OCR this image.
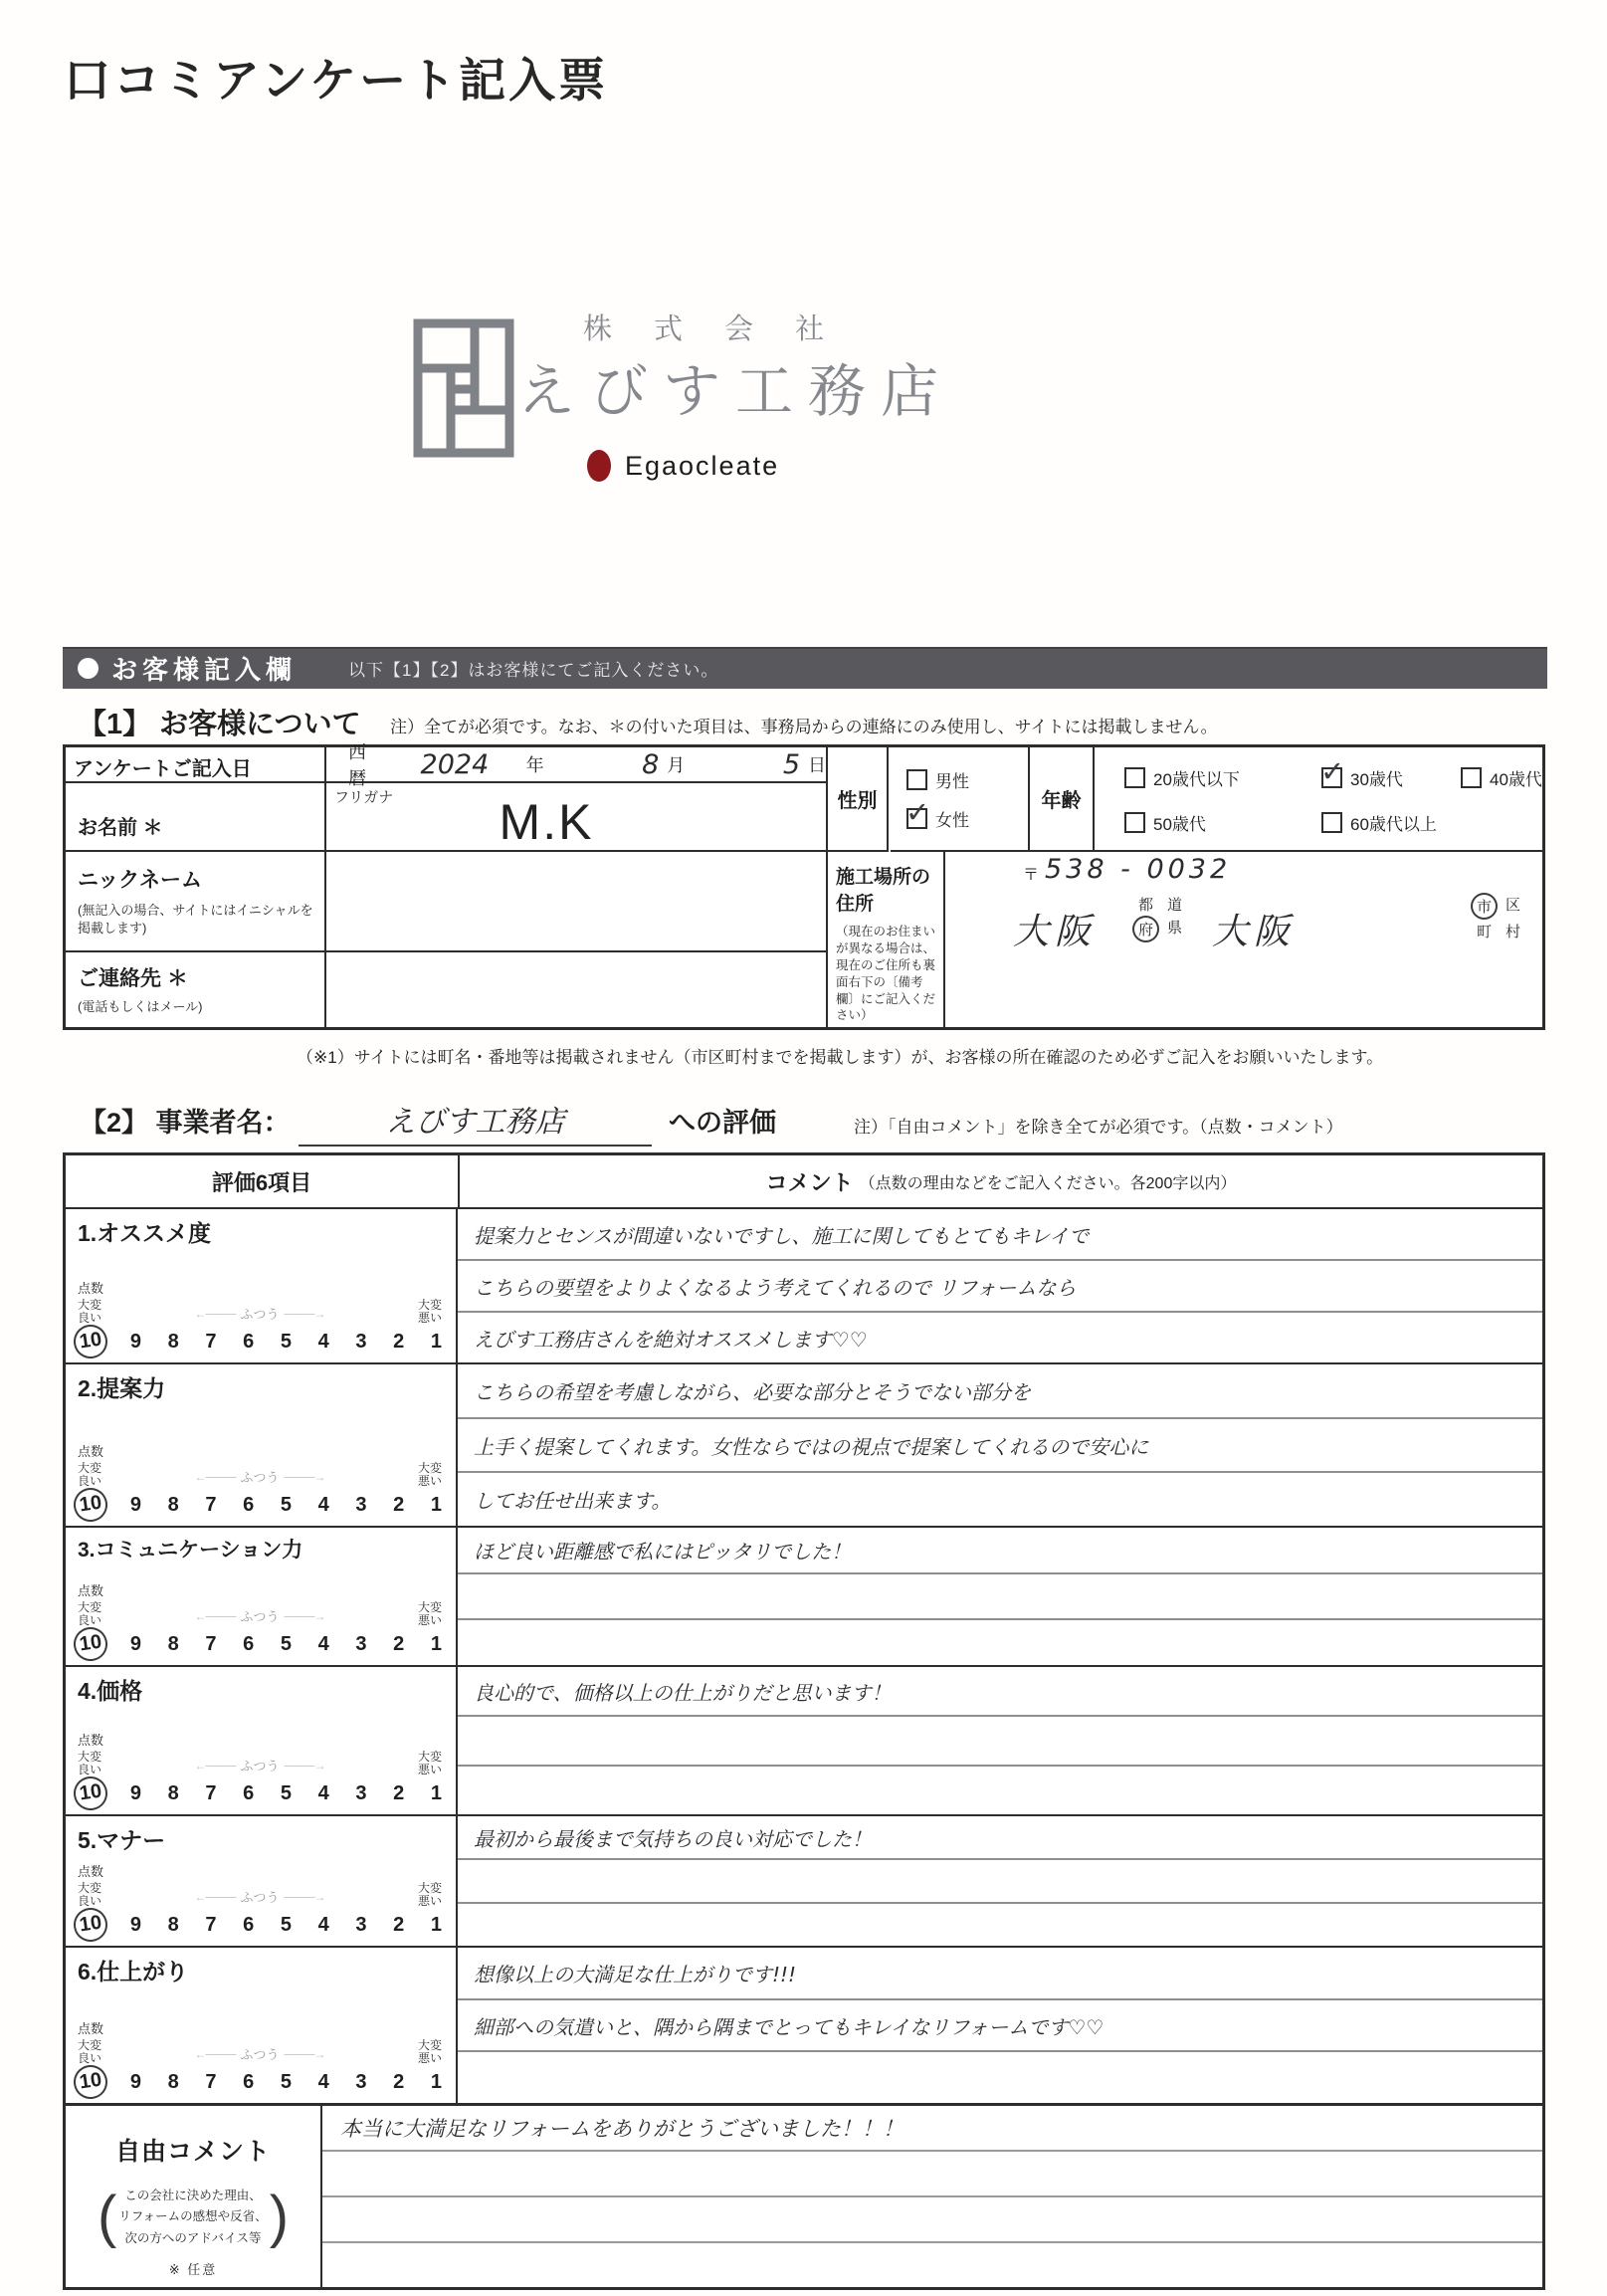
口コミアンケート記入票
株式会社
えびす工務店
Egaocleate
お客様記入欄	以下【1】【2】はお客様にてご記入ください。
【1】 お客様について 注）全てが必須です。なお、＊の付いた項目は、事務局からの連絡にのみ使用し、サイトには掲載しません。
アンケートご記入日
西暦	2024	年	8 月	5 日
お名前 ＊
フリガナ	M.K
ニックネーム
(無記入の場合、サイトにはイニシャルを掲載します)
ご連絡先 ＊
(電話もしくはメール)
性別
男性
✓ 女性
年齢
20歳代以下	✓ 30歳代	40歳代
50歳代	60歳代以上
施工場所の住所
（現在のお住まいが異なる場合は、現在のご住所も裏面右下の〔備考欄〕にご記入ください）
〒 538 - 0032
大阪
都 道
府 県 大阪
市 区
町 村
（※1）サイトには町名・番地等は掲載されません（市区町村までを掲載します）が、お客様の所在確認のため必ずご記入をお願いいたします。
【2】 事業者名：	えびす工務店	への評価	注）「自由コメント」を除き全てが必須です。（点数・コメント）
評価6項目	コメント （点数の理由などをご記入ください。各200字以内）
1.オススメ度
点数
大変
良い	←──── ふつう ────→
大変
悪い
10	9 8 7 6 5 4 3 2 1
提案力とセンスが間違いないですし、施工に関してもとてもキレイで
こちらの要望をよりよくなるよう考えてくれるので リフォームなら
えびす工務店さんを絶対オススメします♡♡
2.提案力
点数
大変
良い	←──── ふつう ────→
大変
悪い
10	9 8 7 6 5 4 3 2 1
こちらの希望を考慮しながら、必要な部分とそうでない部分を
上手く提案してくれます。女性ならではの視点で提案してくれるので安心に
してお任せ出来ます。
3.コミュニケーション力
点数
大変
良い	←──── ふつう ────→
大変
悪い
10	9 8 7 6 5 4 3 2 1
ほど良い距離感で私にはピッタリでした！
4.価格
点数
大変
良い	←──── ふつう ────→
大変
悪い
10	9 8 7 6 5 4 3 2 1
良心的で、価格以上の仕上がりだと思います！
5.マナー
点数
大変
良い	←──── ふつう ────→
大変
悪い
10	9 8 7 6 5 4 3 2 1
最初から最後まで気持ちの良い対応でした！
6.仕上がり
点数
大変
良い	←──── ふつう ────→
大変
悪い
10	9 8 7 6 5 4 3 2 1
想像以上の大満足な仕上がりです!!!
細部への気遣いと、隅から隅までとってもキレイなリフォームです♡♡
自由コメント
( この会社に決めた理由、
リフォームの感想や反省、
次の方へのアドバイス等 )
※ 任意
本当に大満足なリフォームをありがとうございました！！！
